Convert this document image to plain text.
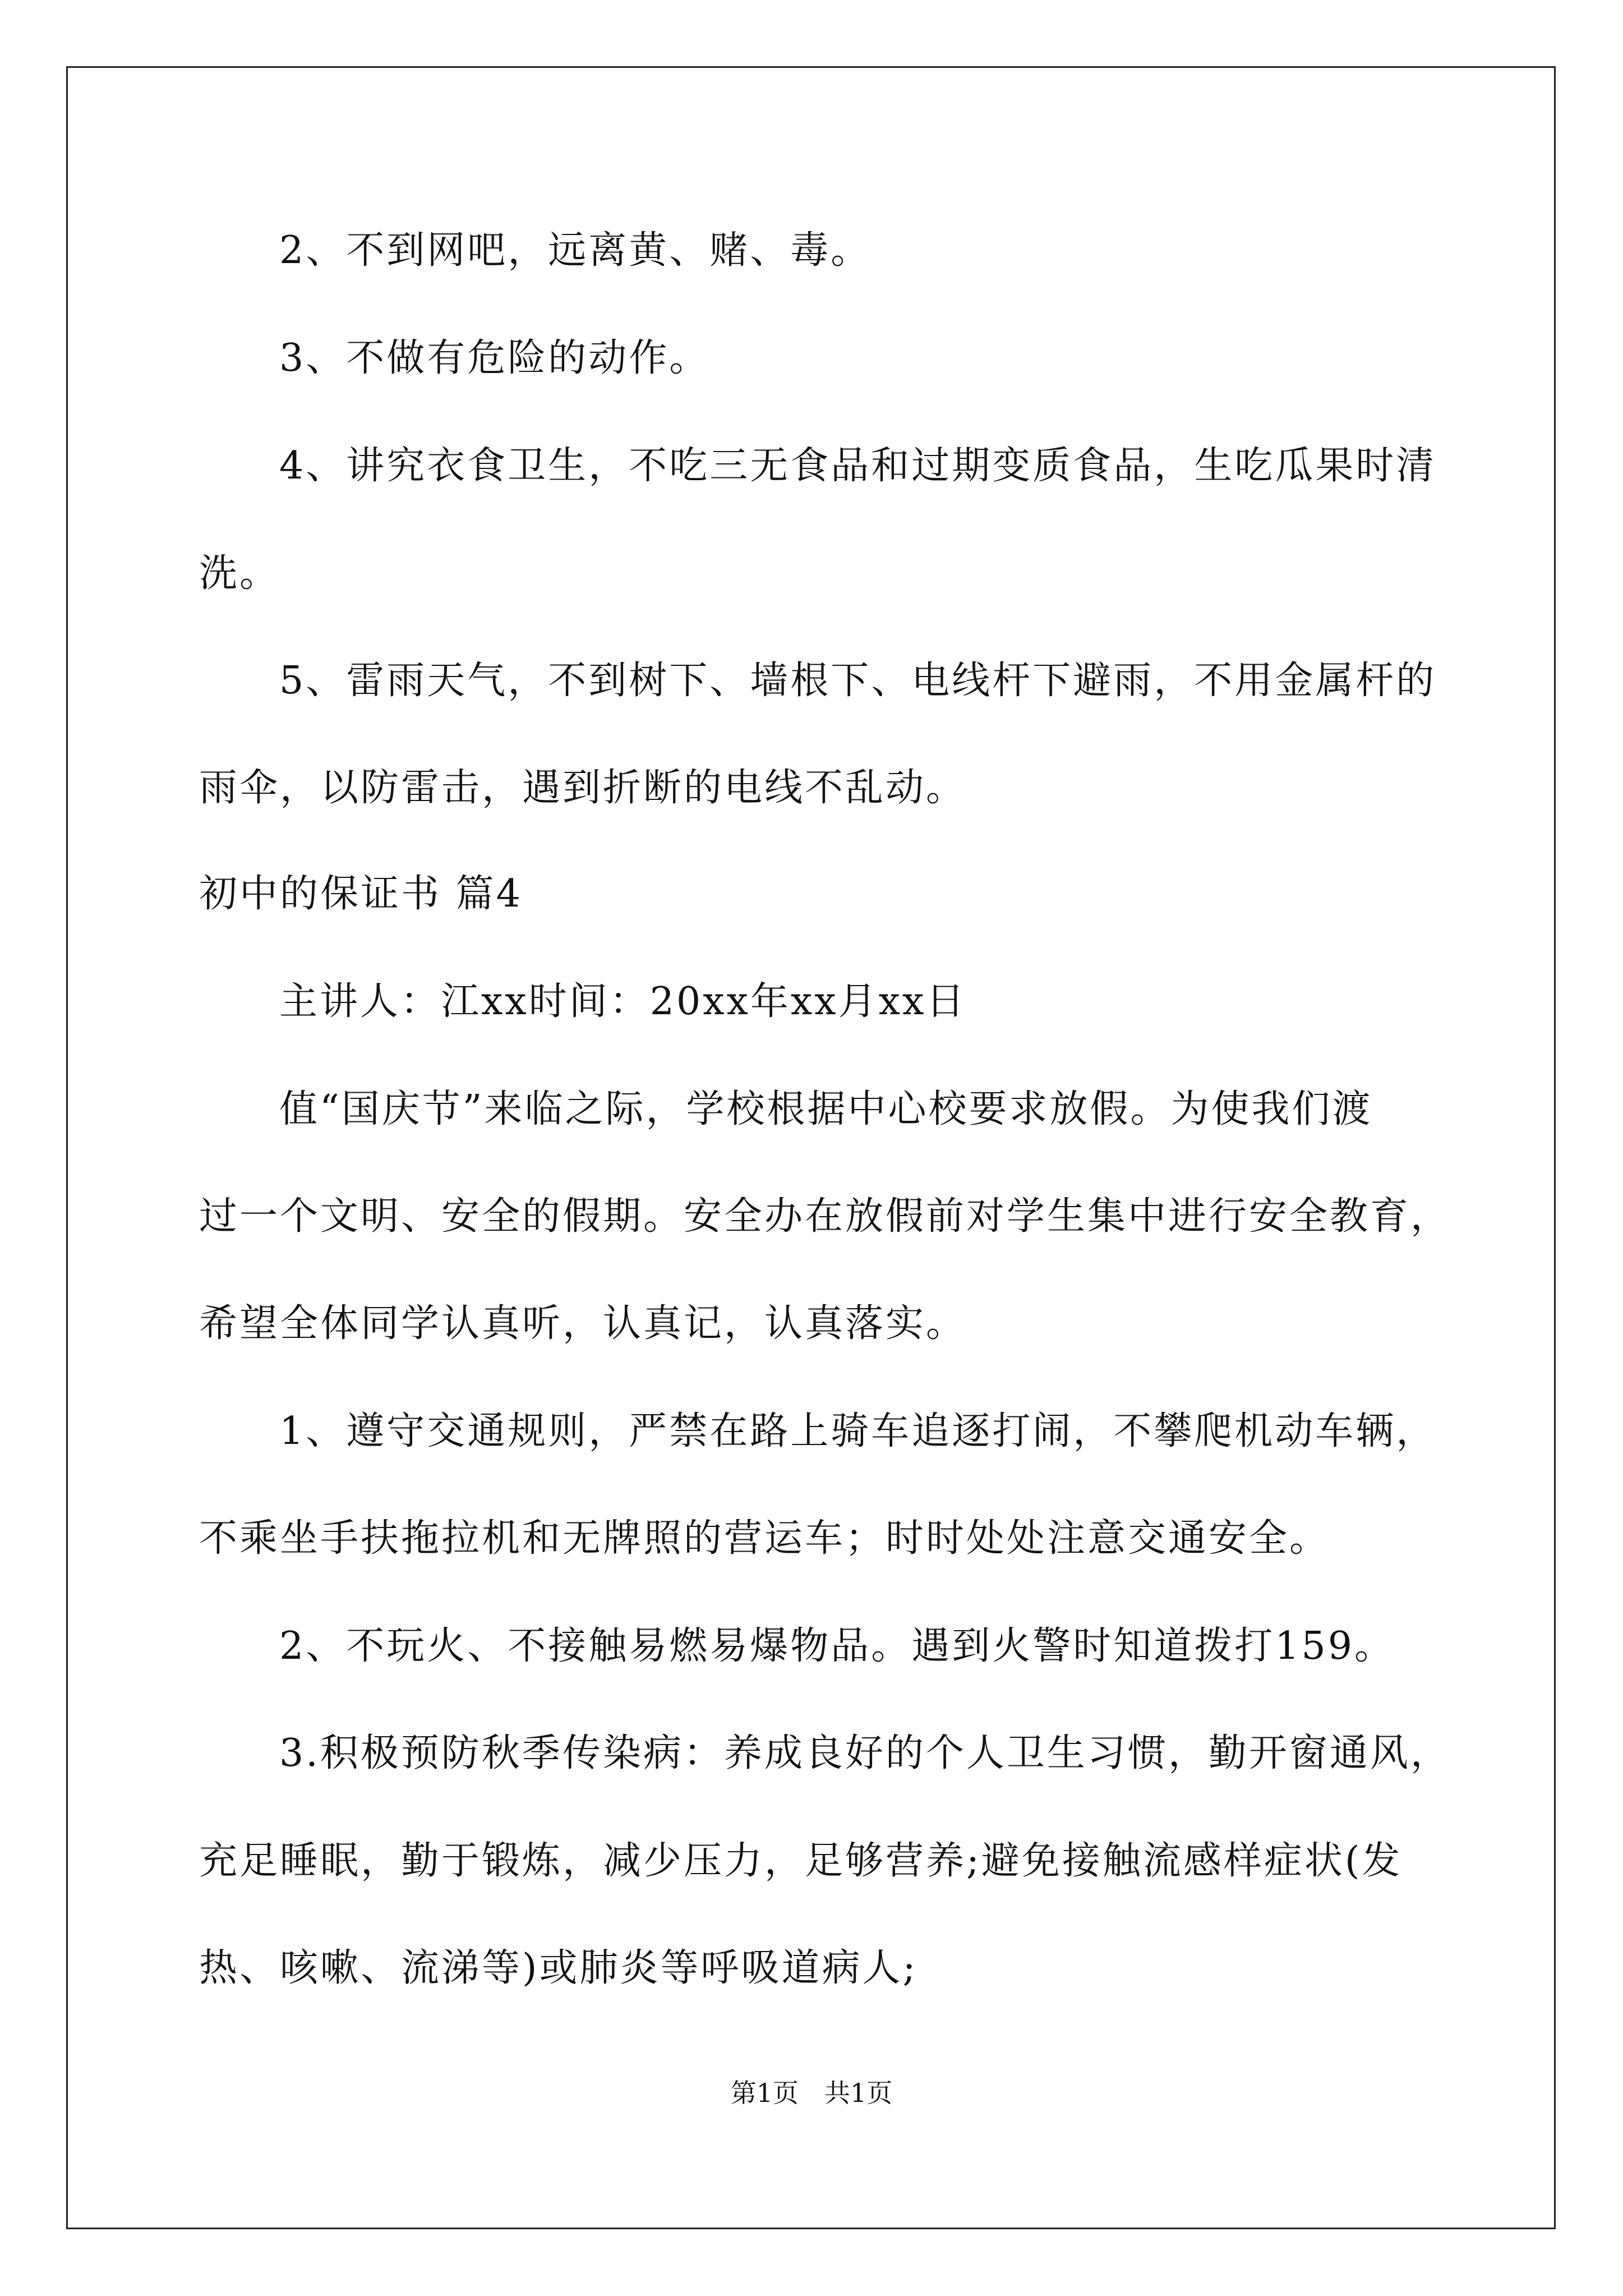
2、不到网吧，远离黄、赌、毒。
3、不做有危险的动作。
4、讲究衣食卫生，不吃三无食品和过期变质食品，生吃瓜果时清
洗。
5、雷雨天气，不到树下、墙根下、电线杆下避雨，不用金属杆的
雨伞，以防雷击，遇到折断的电线不乱动。
初中的保证书 篇4
主讲人：江xx时间：20xx年xx月xx日
值“国庆节”来临之际，学校根据中心校要求放假。为使我们渡
过一个文明、安全的假期。安全办在放假前对学生集中进行安全教育，
希望全体同学认真听，认真记，认真落实。
1、遵守交通规则，严禁在路上骑车追逐打闹，不攀爬机动车辆，
不乘坐手扶拖拉机和无牌照的营运车；时时处处注意交通安全。
2、不玩火、不接触易燃易爆物品。遇到火警时知道拨打159。
3.积极预防秋季传染病：养成良好的个人卫生习惯，勤开窗通风，
充足睡眠，勤于锻炼，减少压力，足够营养;避免接触流感样症状(发
热、咳嗽、流涕等)或肺炎等呼吸道病人;
第1页　共1页
